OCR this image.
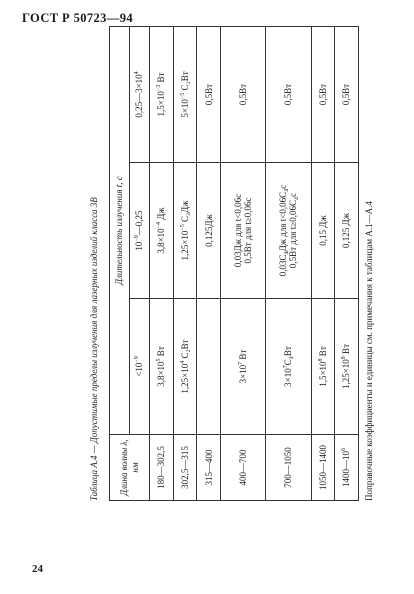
ГОСТ Р 50723—94
Таблица А.4 — Допустимые пределы излучения для лазерных изделий класса 3В	Длина волны λ, нм	Длительность излучения t, с		

	$<10^{-9}$	$10^{-9}—0,25$	$0,25—3\times 10^4$

180—302,5	$3,8\times 10^5$ Вт	$3,8\times 10^{-4}$ Дж	$1,5\times 10^{-3}$ Вт

302,5—315	$1,25\times 10^4$ C₂Вт	$1,25\times 10^{-5}$ C₂Дж	$5\times 10^{-5}$ C₂Вт

315—400		0,125Дж	0,5Вт

400—700	$3\times 10^7$ Вт	0,03Дж для t<0,06с 0,5Вт для t≥0,06с	0,5Вт

700—1050	$3\times 10^7C_4Вт$	0,03C₄Дж для t<0,06C₄с 0,5Вт для t≥0,06C₄с	0,5Вт

1050—1400	$1,5\times 10^8$ Вт	0,15 Дж	0,5Вт

$1400—10^6$	$1,25\times 10^8$ Вт	0,125 Дж	0,5Вт
Поправочные коэффициенты и единицы см. примечания к таблицам А.1—А.4
24
